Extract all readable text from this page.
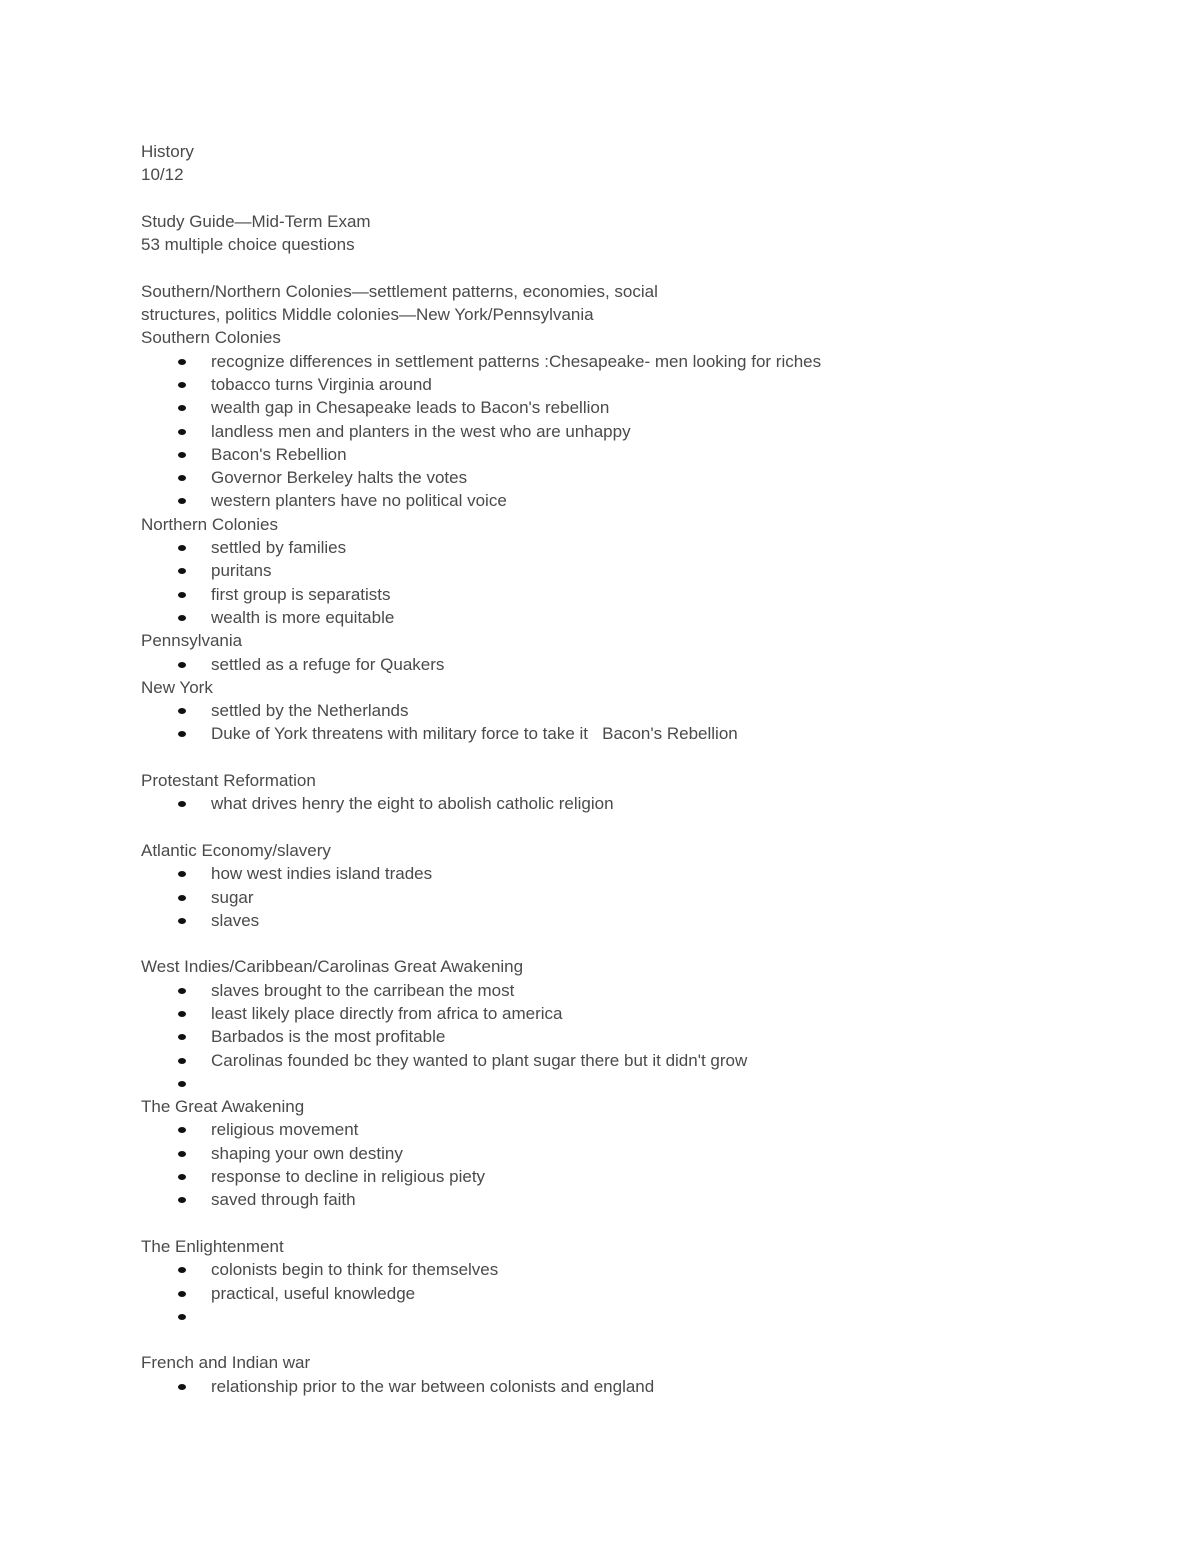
History
10/12
Study Guide—Mid-Term Exam
53 multiple choice questions
Southern/Northern Colonies—settlement patterns, economies, social
structures, politics Middle colonies—New York/Pennsylvania
Southern Colonies
recognize differences in settlement patterns :Chesapeake- men looking for riches
tobacco turns Virginia around
wealth gap in Chesapeake leads to Bacon's rebellion
landless men and planters in the west who are unhappy
Bacon's Rebellion
Governor Berkeley halts the votes
western planters have no political voice
Northern Colonies
settled by families
puritans
first group is separatists
wealth is more equitable
Pennsylvania
settled as a refuge for Quakers
New York
settled by the Netherlands
Duke of York threatens with military force to take it   Bacon's Rebellion
Protestant Reformation
what drives henry the eight to abolish catholic religion
Atlantic Economy/slavery
how west indies island trades
sugar
slaves
West Indies/Caribbean/Carolinas Great Awakening
slaves brought to the carribean the most
least likely place directly from africa to america
Barbados is the most profitable
Carolinas founded bc they wanted to plant sugar there but it didn't grow
The Great Awakening
religious movement
shaping your own destiny
response to decline in religious piety
saved through faith
The Enlightenment
colonists begin to think for themselves
practical, useful knowledge
French and Indian war
relationship prior to the war between colonists and england
